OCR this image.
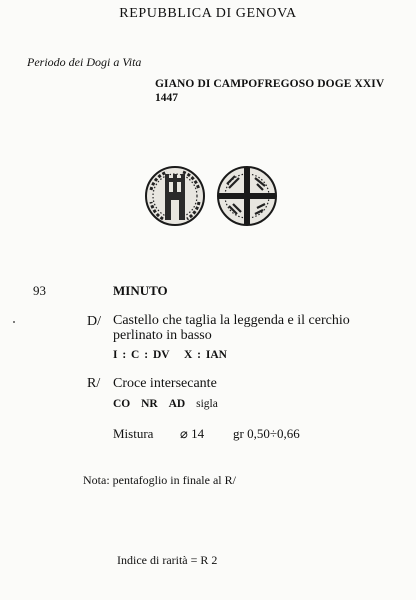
REPUBBLICA DI GENOVA
Periodo dei Dogi a Vita
GIANO DI CAMPOFREGOSO DOGE XXIV
1447
93	MINUTO
D/ Castello che taglia la leggenda e il cerchio
perlinato in basso
I : C : DV   X : IAN
R/ Croce intersecante
CO NR AD sigla
Mistura ⌀ 14 gr 0,50÷0,66
Nota: pentafoglio in finale al R/
Indice di rarità = R 2
